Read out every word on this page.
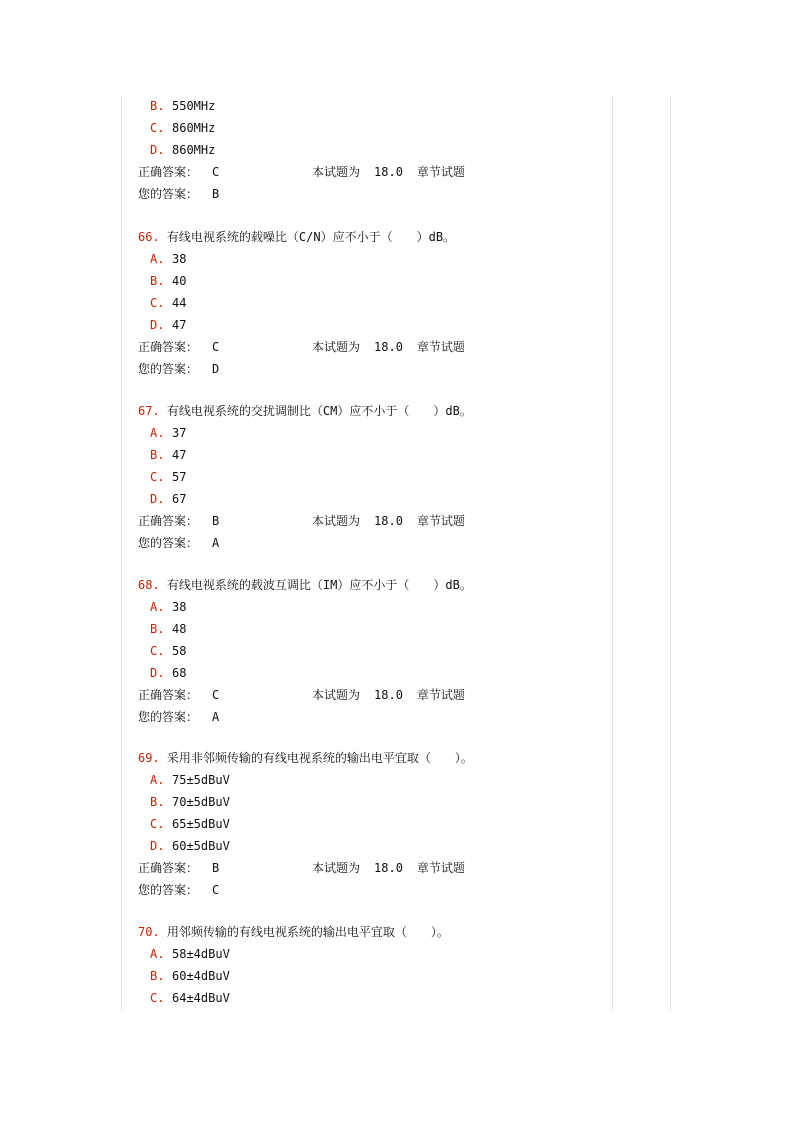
B. 550MHz
C. 860MHz
D. 860MHz
正确答案： C	本试题为 18.0 章节试题
您的答案： B
66. 有线电视系统的载噪比（C/N）应不小于（　　）dB。
A. 38
B. 40
C. 44
D. 47
正确答案： C	本试题为 18.0 章节试题
您的答案： D
67. 有线电视系统的交扰调制比（CM）应不小于（　　）dB。
A. 37
B. 47
C. 57
D. 67
正确答案： B	本试题为 18.0 章节试题
您的答案： A
68. 有线电视系统的载波互调比（IM）应不小于（　　）dB。
A. 38
B. 48
C. 58
D. 68
正确答案： C	本试题为 18.0 章节试题
您的答案： A
69. 采用非邻频传输的有线电视系统的输出电平宜取（　　）。
A. 75±5dBuV
B. 70±5dBuV
C. 65±5dBuV
D. 60±5dBuV
正确答案： B	本试题为 18.0 章节试题
您的答案： C
70. 用邻频传输的有线电视系统的输出电平宜取（　　）。
A. 58±4dBuV
B. 60±4dBuV
C. 64±4dBuV
